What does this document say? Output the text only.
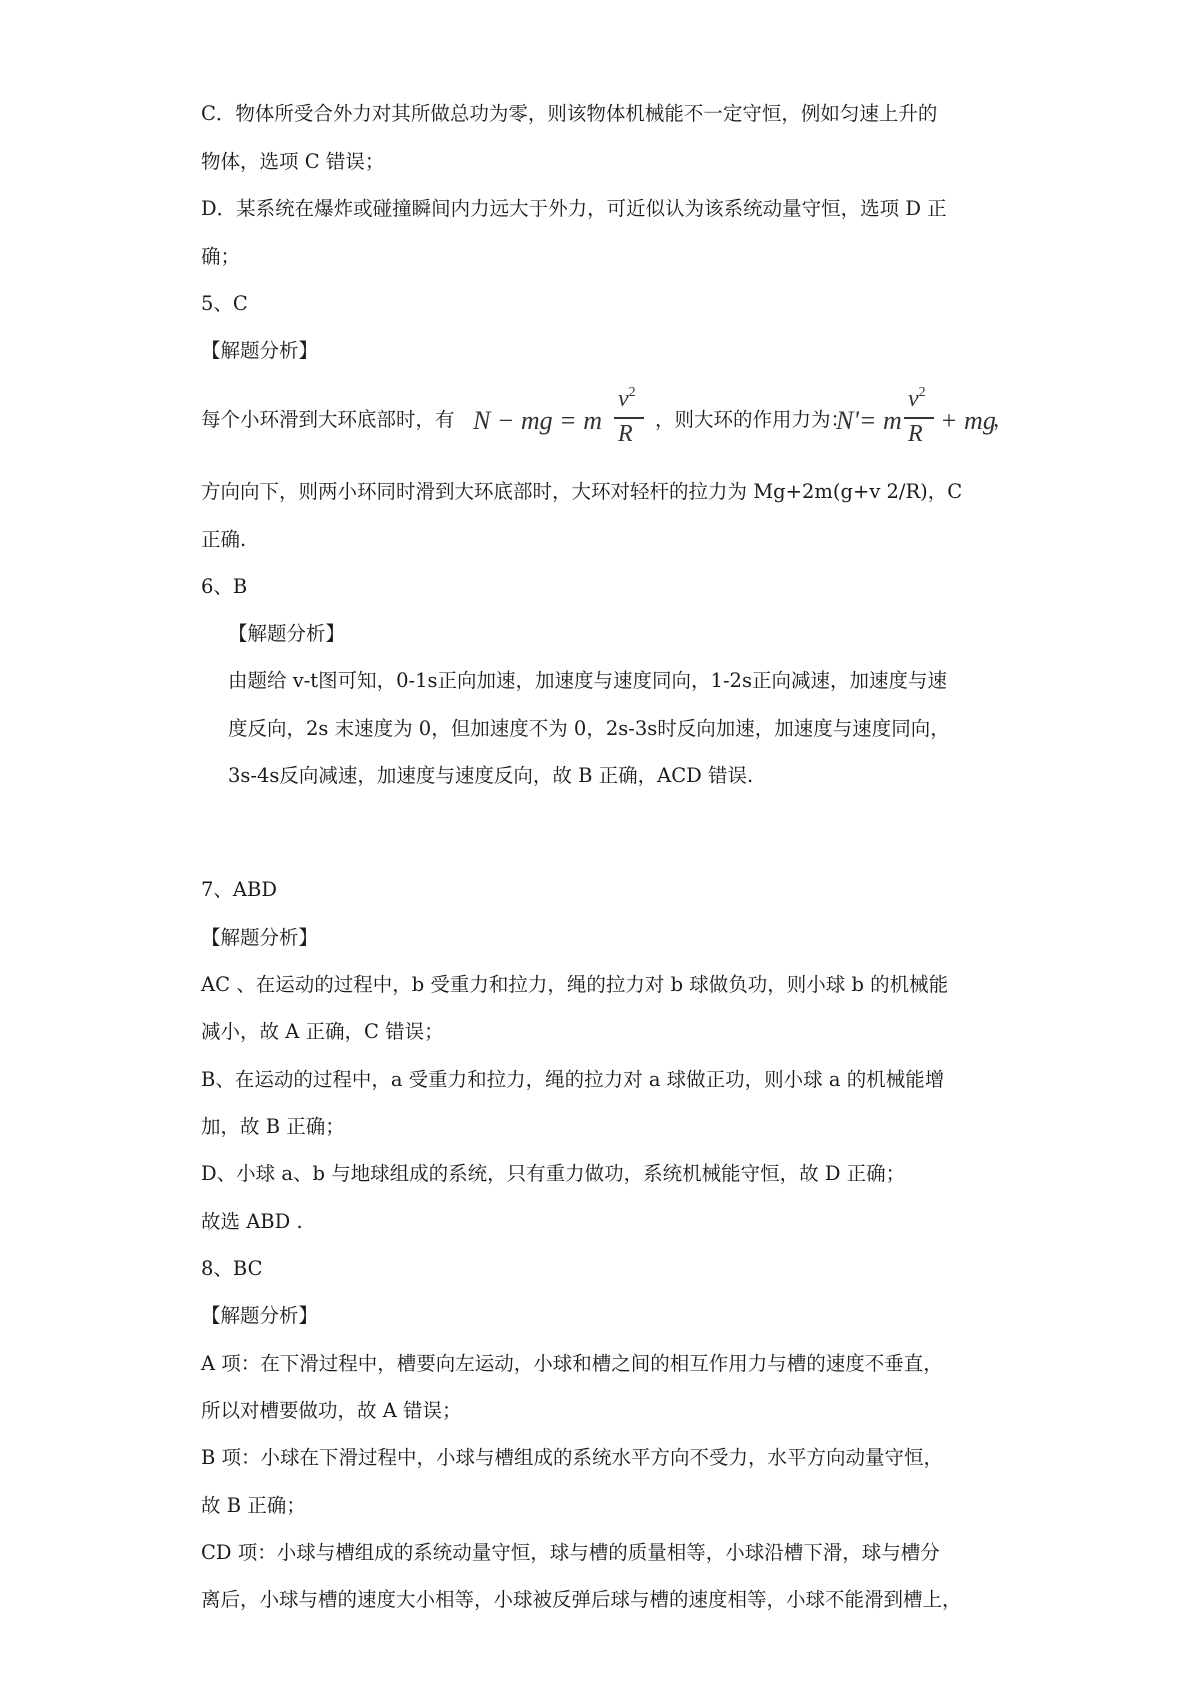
C．物体所受合外力对其所做总功为零，则该物体机械能不一定守恒，例如匀速上升的
物体，选项 C 错误；
D．某系统在爆炸或碰撞瞬间内力远大于外力，可近似认为该系统动量守恒，选项 D 正
确；
5、C
【解题分析】
每个小环滑到大环底部时，有 N − mg = m
$v^2$
R
，则大环的作用力为：
N'= m
$v^2$
R + mg
，
方向向下，则两小环同时滑到大环底部时，大环对轻杆的拉力为 Mg+2m(g+v 2/R)，C
正确.
6、B
【解题分析】
由题给 v-t图可知，0-1s正向加速，加速度与速度同向，1-2s正向减速，加速度与速
度反向，2s 末速度为 0，但加速度不为 0，2s-3s时反向加速，加速度与速度同向，
3s-4s反向减速，加速度与速度反向，故 B 正确，ACD 错误.
7、ABD
【解题分析】
AC 、在运动的过程中，b 受重力和拉力，绳的拉力对 b 球做负功，则小球 b 的机械能
减小，故 A 正确，C 错误；
B、在运动的过程中，a 受重力和拉力，绳的拉力对 a 球做正功，则小球 a 的机械能增
加，故 B 正确；
D、小球 a、b 与地球组成的系统，只有重力做功，系统机械能守恒，故 D 正确；
故选 ABD .
8、BC
【解题分析】
A 项：在下滑过程中，槽要向左运动，小球和槽之间的相互作用力与槽的速度不垂直，
所以对槽要做功，故 A 错误；
B 项：小球在下滑过程中，小球与槽组成的系统水平方向不受力，水平方向动量守恒，
故 B 正确；
CD 项：小球与槽组成的系统动量守恒，球与槽的质量相等，小球沿槽下滑，球与槽分
离后，小球与槽的速度大小相等，小球被反弹后球与槽的速度相等，小球不能滑到槽上，
